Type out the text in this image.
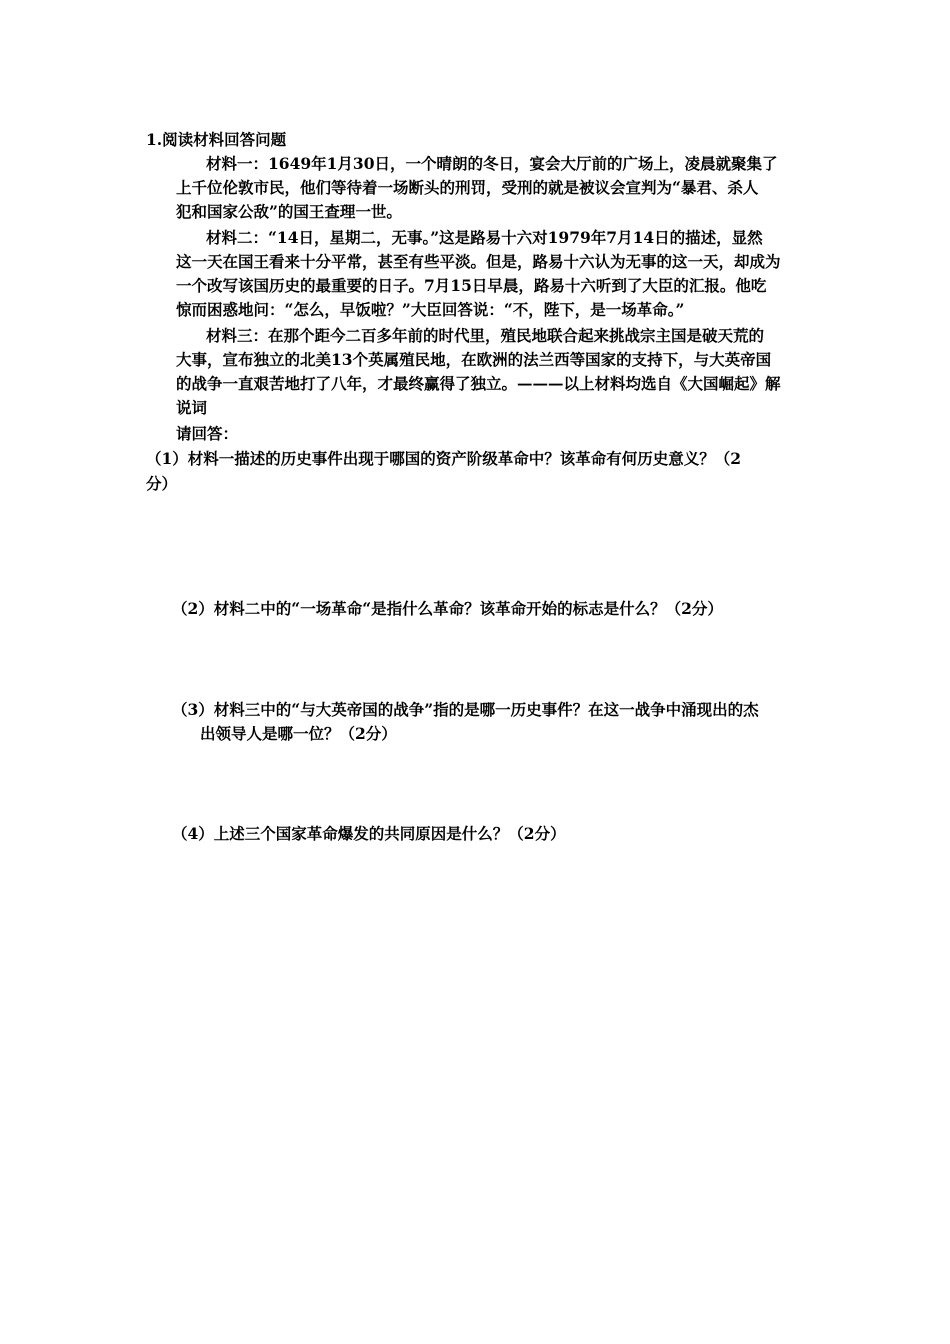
1.阅读材料回答问题
材料一：1649年1月30日，一个晴朗的冬日，宴会大厅前的广场上，凌晨就聚集了
上千位伦敦市民，他们等待着一场断头的刑罚，受刑的就是被议会宣判为“暴君、杀人
犯和国家公敌”的国王查理一世。
材料二：“14日，星期二，无事。”这是路易十六对1979年7月14日的描述，显然
这一天在国王看来十分平常，甚至有些平淡。但是，路易十六认为无事的这一天，却成为
一个改写该国历史的最重要的日子。7月15日早晨，路易十六听到了大臣的汇报。他吃
惊而困惑地问：“怎么，早饭啦？”大臣回答说：“不，陛下，是一场革命。”
材料三：在那个距今二百多年前的时代里，殖民地联合起来挑战宗主国是破天荒的
大事，宣布独立的北美13个英属殖民地，在欧洲的法兰西等国家的支持下，与大英帝国
的战争一直艰苦地打了八年，才最终赢得了独立。———以上材料均选自《大国崛起》解
说词
请回答：
（1）材料一描述的历史事件出现于哪国的资产阶级革命中？该革命有何历史意义？（2
分）
（2）材料二中的“一场革命“是指什么革命？该革命开始的标志是什么？（2分）
（3）材料三中的“与大英帝国的战争”指的是哪一历史事件？在这一战争中涌现出的杰
出领导人是哪一位？（2分）
（4）上述三个国家革命爆发的共同原因是什么？（2分）
